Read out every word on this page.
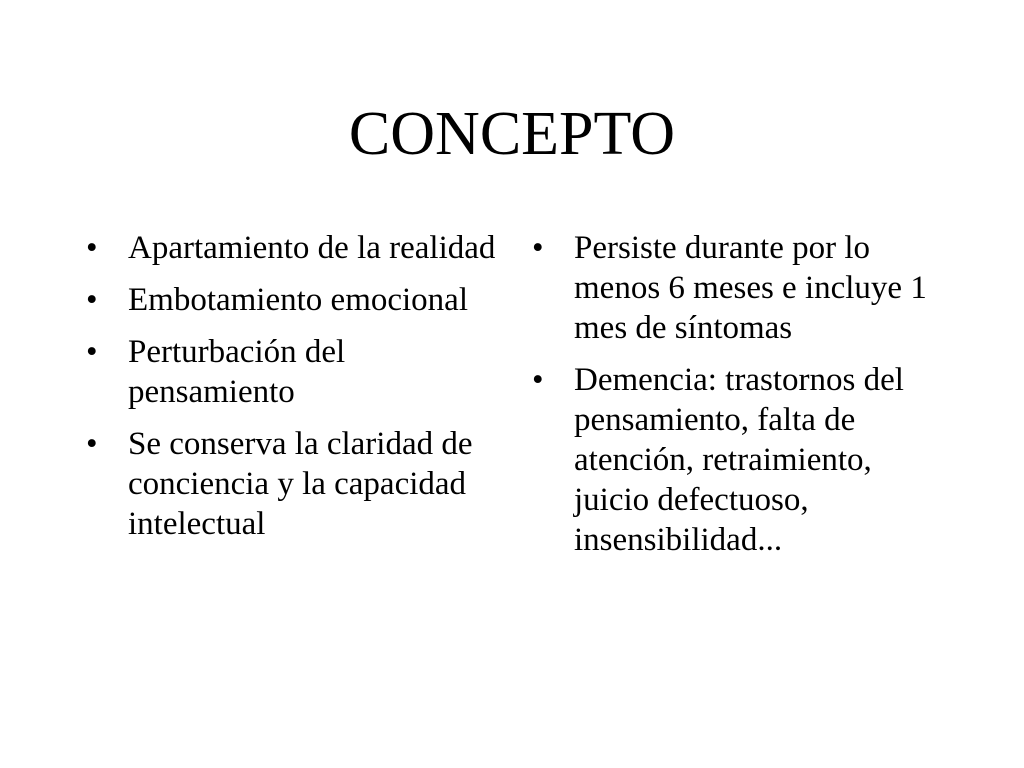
CONCEPTO
• Apartamiento de la realidad
• Embotamiento emocional
• Perturbación del pensamiento
• Se conserva la claridad de conciencia y la capacidad intelectual
• Persiste durante por lo menos 6 meses e incluye 1 mes de síntomas
• Demencia: trastornos del pensamiento, falta de atención, retraimiento, juicio defectuoso, insensibilidad...
